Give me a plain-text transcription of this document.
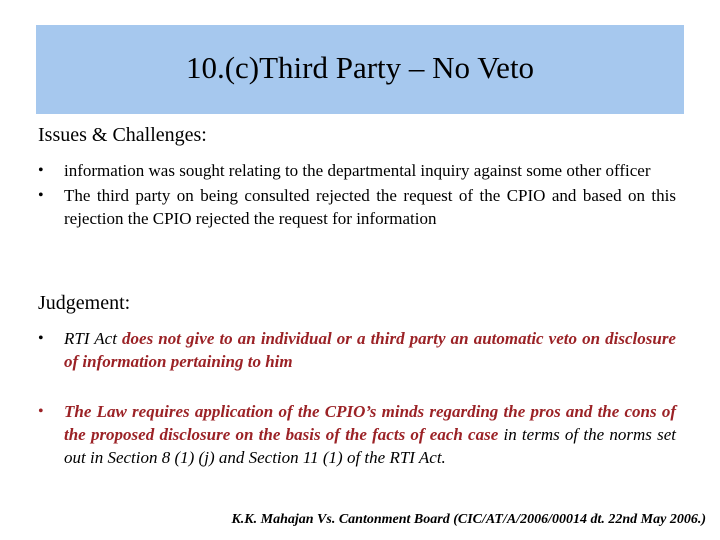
10.(c)Third Party – No Veto
Issues & Challenges:
• information was sought relating to the departmental inquiry against some other officer
• The third party on being consulted rejected the request of the CPIO and based on this rejection the CPIO rejected the request for information
Judgement:
• RTI Act does not give to an individual or a third party an automatic veto on disclosure of information pertaining to him
• The Law requires application of the CPIO’s minds regarding the pros and the cons of the proposed disclosure on the basis of the facts of each case in terms of the norms set out in Section 8 (1) (j) and Section 11 (1) of the RTI Act.
K.K. Mahajan Vs. Cantonment Board (CIC/AT/A/2006/00014 dt. 22nd May 2006.)
